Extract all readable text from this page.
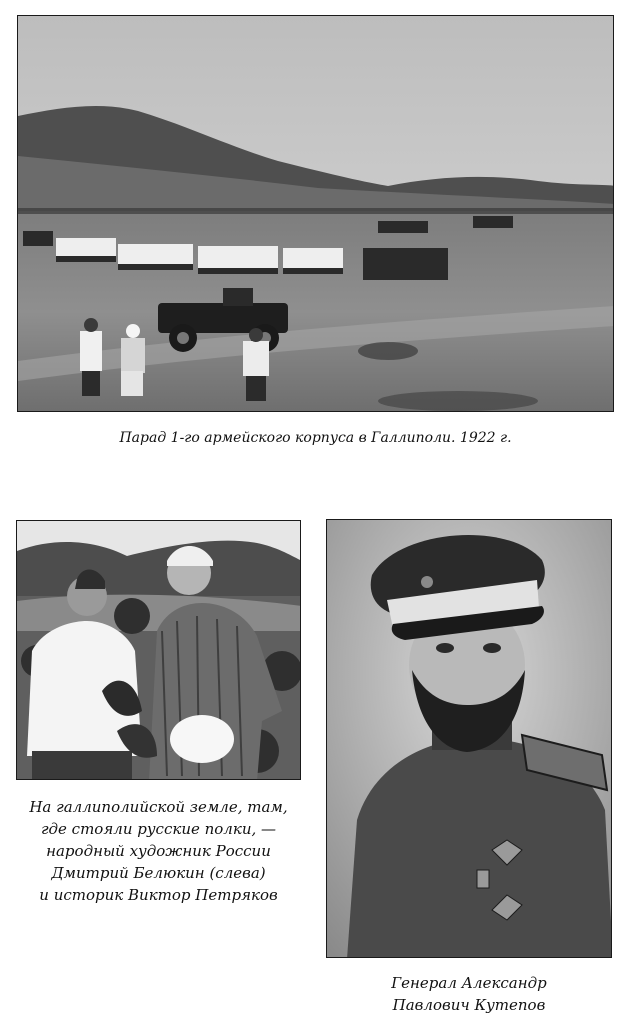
Парад 1-го армейского корпуса в Галлиполи. 1922 г.

На галлиполийской земле, там,
где стояли русские полки, —
народный художник России
Дмитрий Белюкин (слева)
и историк Виктор Петряков
Генерал Александр
Павлович Кутепов
